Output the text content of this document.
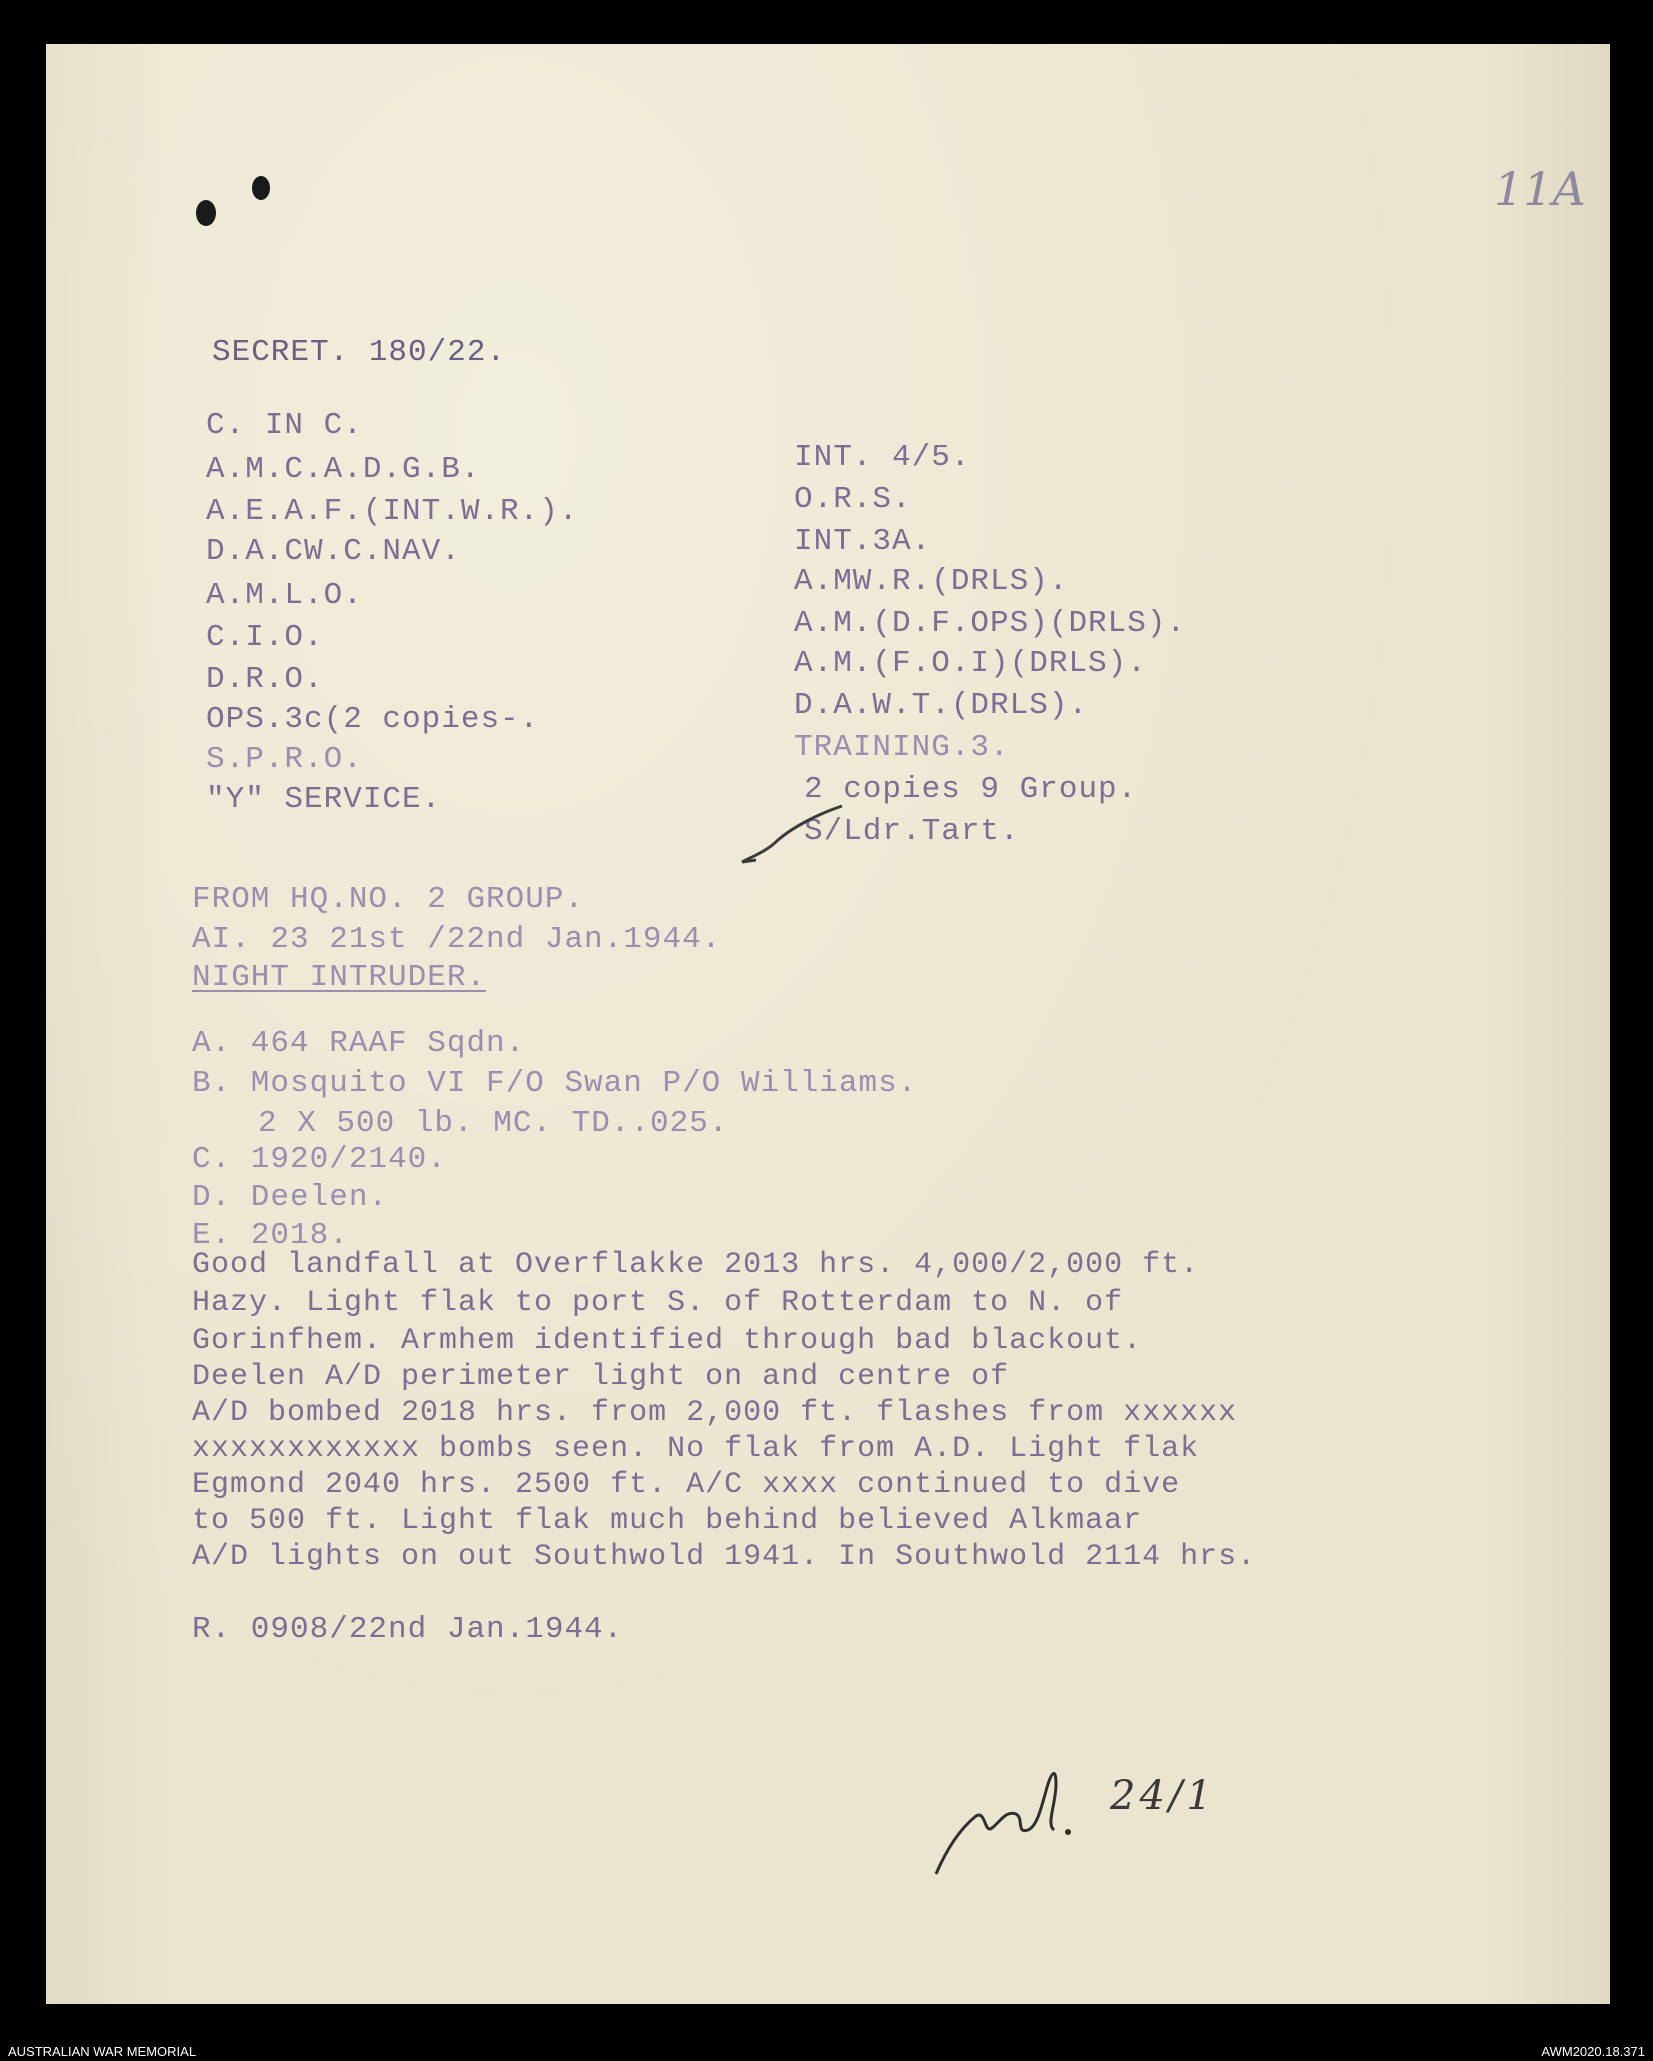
11A

SECRET. 180/22.

C. IN C.

A.M.C.A.D.G.B.

A.E.A.F.(INT.W.R.).

D.A.CW.C.NAV.

A.M.L.O.

C.I.O.

D.R.O.

OPS.3c(2 copies-.

S.P.R.O.

"Y" SERVICE.

INT. 4/5.

O.R.S.

INT.3A.

A.MW.R.(DRLS).

A.M.(D.F.OPS)(DRLS).

A.M.(F.O.I)(DRLS).

D.A.W.T.(DRLS).

TRAINING.3.

2 copies 9 Group.

S/Ldr.Tart.

FROM HQ.NO. 2 GROUP.

AI. 23 21st /22nd Jan.1944.

NIGHT INTRUDER.

A. 464 RAAF Sqdn.

B. Mosquito VI F/O Swan P/O Williams.

2 X 500 lb. MC. TD..025.

C. 1920/2140.

D. Deelen.

E. 2018.

Good landfall at Overflakke 2013 hrs. 4,000/2,000 ft.

Hazy. Light flak to port S. of Rotterdam to N. of

Gorinfhem. Armhem identified through bad blackout.

Deelen A/D perimeter light on and centre of

A/D bombed 2018 hrs. from 2,000 ft. flashes from xxxxxx

xxxxxxxxxxxx bombs seen. No flak from A.D. Light flak

Egmond 2040 hrs. 2500 ft. A/C xxxx continued to dive

to 500 ft. Light flak much behind believed Alkmaar

A/D lights on out Southwold 1941. In Southwold 2114 hrs.

R. 0908/22nd Jan.1944.

24/1

AUSTRALIAN WAR MEMORIAL	AWM2020.18.371
